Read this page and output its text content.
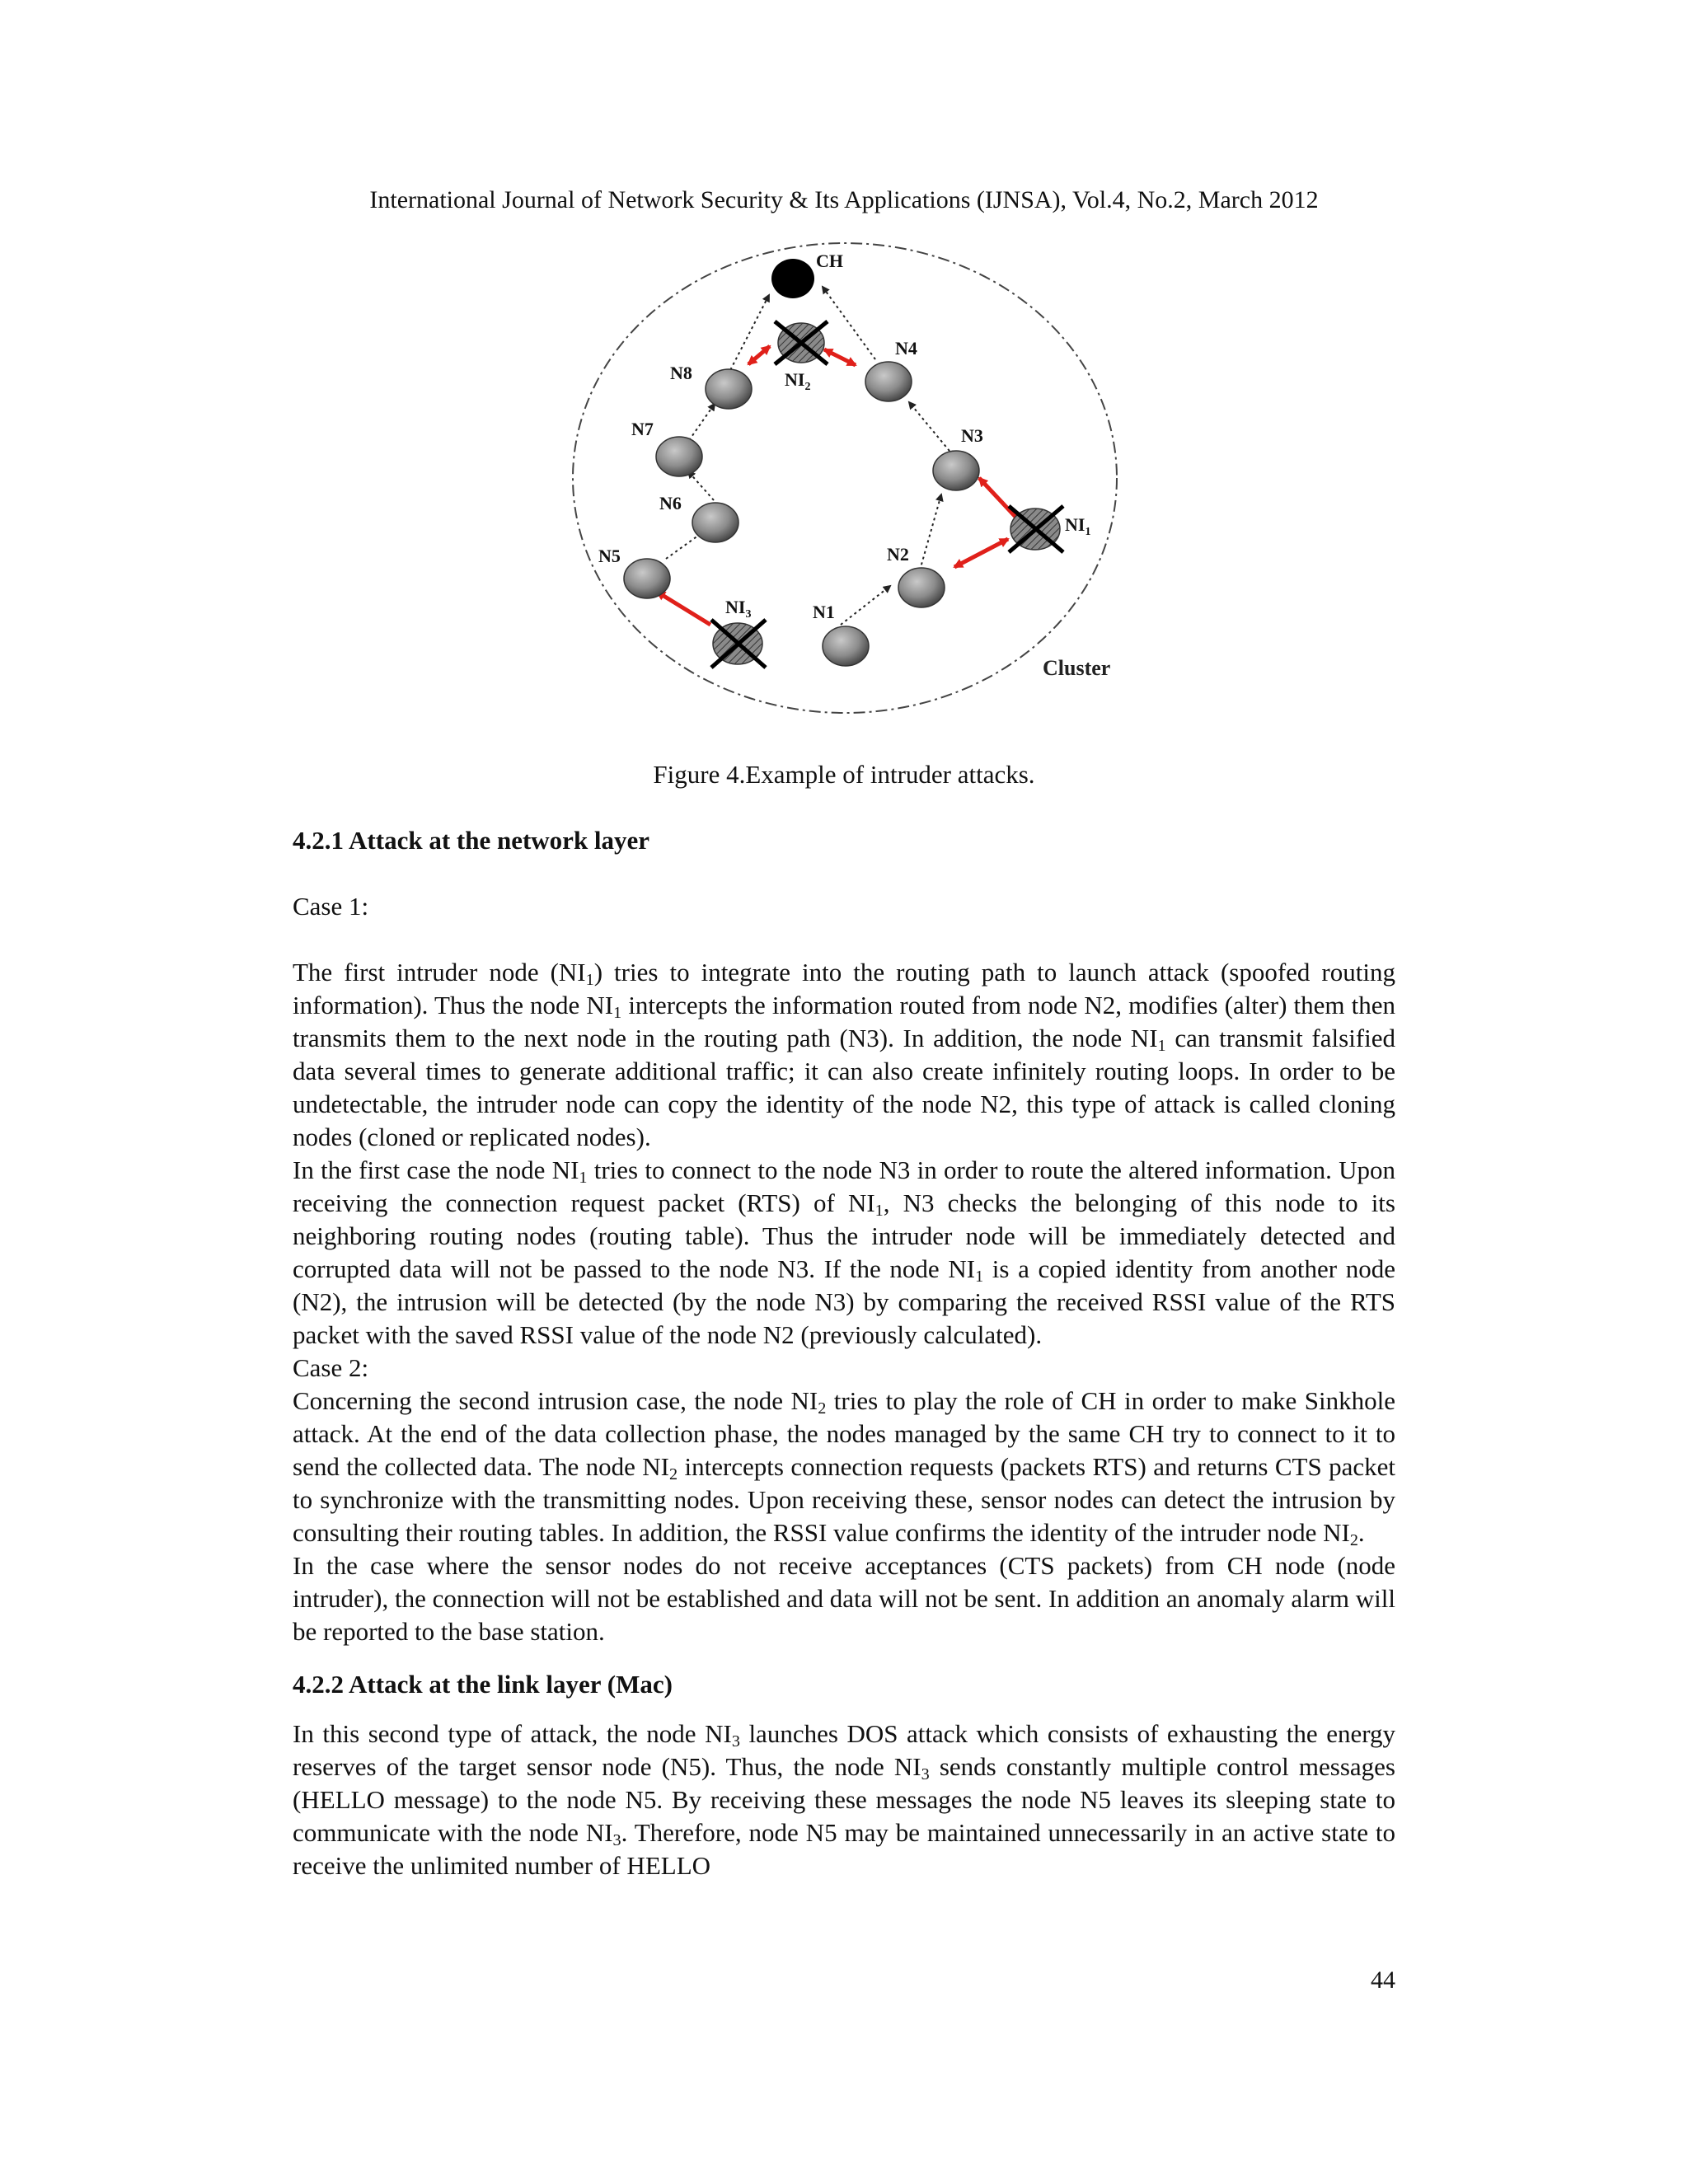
International Journal of Network Security & Its Applications (IJNSA), Vol.4, No.2, March 2012
CH
N8
N4
N7	N3
N6
N5	N2
N1
$NI_2$
$NI_1$
$NI_3$
Cluster
Figure 4.Example of intruder attacks.
4.2.1 Attack at the network layer

Case 1:

The first intruder node $(NI_1)$ tries to integrate into the routing path to launch attack (spoofed routing information). Thus the node $NI_1$ intercepts the information routed from node N2, modifies (alter) them then transmits them to the next node in the routing path (N3). In addition, the node $NI_1$ can transmit falsified data several times to generate additional traffic; it can also create infinitely routing loops. In order to be undetectable, the intruder node can copy the identity of the node N2, this type of attack is called cloning nodes (cloned or replicated nodes).

In the first case the node $NI_1$ tries to connect to the node N3 in order to route the altered information. Upon receiving the connection request packet (RTS) of $NI_1$, N3 checks the belonging of this node to its neighboring routing nodes (routing table). Thus the intruder node will be immediately detected and corrupted data will not be passed to the node N3. If the node $NI_1$ is a copied identity from another node (N2), the intrusion will be detected (by the node N3) by comparing the received RSSI value of the RTS packet with the saved RSSI value of the node N2 (previously calculated).

Case 2:

Concerning the second intrusion case, the node $NI_2$ tries to play the role of CH in order to make Sinkhole attack. At the end of the data collection phase, the nodes managed by the same CH try to connect to it to send the collected data. The node $NI_2$ intercepts connection requests (packets RTS) and returns CTS packet to synchronize with the transmitting nodes. Upon receiving these, sensor nodes can detect the intrusion by consulting their routing tables. In addition, the RSSI value confirms the identity of the intruder node $NI_2$.

In the case where the sensor nodes do not receive acceptances (CTS packets) from CH node (node intruder), the connection will not be established and data will not be sent. In addition an anomaly alarm will be reported to the base station.

4.2.2 Attack at the link layer (Mac)

In this second type of attack, the node $NI_3$ launches DOS attack which consists of exhausting the energy reserves of the target sensor node (N5). Thus, the node $NI_3$ sends constantly multiple control messages (HELLO message) to the node N5. By receiving these messages the node N5 leaves its sleeping state to communicate with the node $NI_3$. Therefore, node N5 may be maintained unnecessarily in an active state to receive the unlimited number of HELLO

44
